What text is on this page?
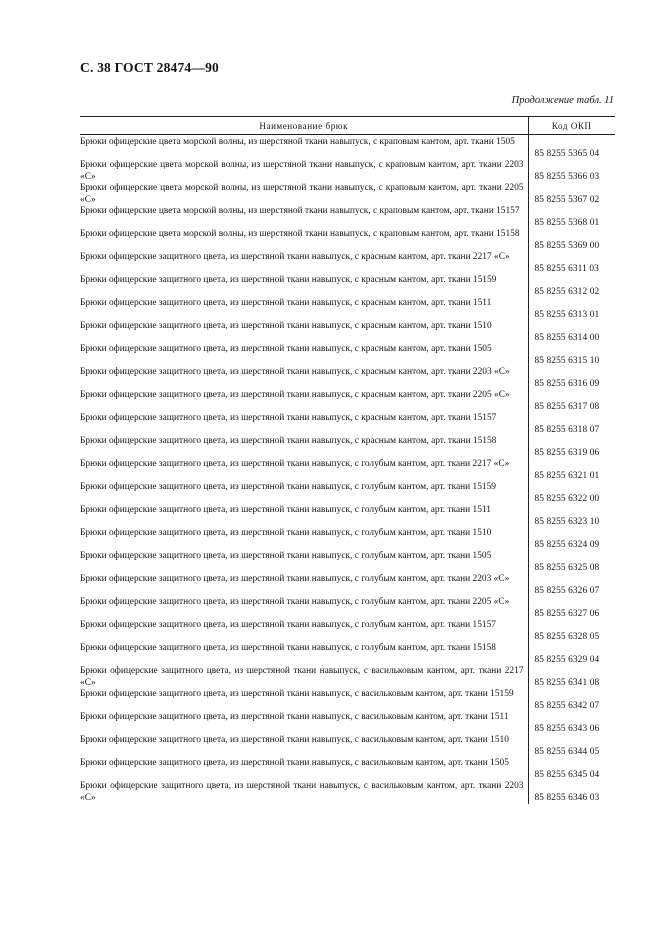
С. 38 ГОСТ 28474—90
Продолжение табл. 11
Наименование брюк	Код ОКП
Брюки офицерские цвета морской волны, из шерстяной ткани навыпуск, с краповым кантом, арт. ткани 1505	85 8255 5365 04
Брюки офицерские цвета морской волны, из шерстяной ткани навыпуск, с краповым кантом, арт. ткани 2203 «С»	85 8255 5366 03
Брюки офицерские цвета морской волны, из шерстяной ткани навыпуск, с краповым кантом, арт. ткани 2205 «С»	85 8255 5367 02
Брюки офицерские цвета морской волны, из шерстяной ткани навыпуск, с краповым кантом, арт. ткани 15157	85 8255 5368 01
Брюки офицерские цвета морской волны, из шерстяной ткани навыпуск, с краповым кантом, арт. ткани 15158	85 8255 5369 00
Брюки офицерские защитного цвета, из шерстяной ткани навыпуск, с красным кантом, арт. ткани 2217 «С»	85 8255 6311 03
Брюки офицерские защитного цвета, из шерстяной ткани навыпуск, с красным кантом, арт. ткани 15159	85 8255 6312 02
Брюки офицерские защитного цвета, из шерстяной ткани навыпуск, с красным кантом, арт. ткани 1511	85 8255 6313 01
Брюки офицерские защитного цвета, из шерстяной ткани навыпуск, с красным кантом, арт. ткани 1510	85 8255 6314 00
Брюки офицерские защитного цвета, из шерстяной ткани навыпуск, с красным кантом, арт. ткани 1505	85 8255 6315 10
Брюки офицерские защитного цвета, из шерстяной ткани навыпуск, с красным кантом, арт. ткани 2203 «С»	85 8255 6316 09
Брюки офицерские защитного цвета, из шерстяной ткани навыпуск, с красным кантом, арт. ткани 2205 «С»	85 8255 6317 08
Брюки офицерские защитного цвета, из шерстяной ткани навыпуск, с красным кантом, арт. ткани 15157	85 8255 6318 07
Брюки офицерские защитного цвета, из шерстяной ткани навыпуск, с красным кантом, арт. ткани 15158	85 8255 6319 06
Брюки офицерские защитного цвета, из шерстяной ткани навыпуск, с голубым кантом, арт. ткани 2217 «С»	85 8255 6321 01
Брюки офицерские защитного цвета, из шерстяной ткани навыпуск, с голубым кантом, арт. ткани 15159	85 8255 6322 00
Брюки офицерские защитного цвета, из шерстяной ткани навыпуск, с голубым кантом, арт. ткани 1511	85 8255 6323 10
Брюки офицерские защитного цвета, из шерстяной ткани навыпуск, с голубым кантом, арт. ткани 1510	85 8255 6324 09
Брюки офицерские защитного цвета, из шерстяной ткани навыпуск, с голубым кантом, арт. ткани 1505	85 8255 6325 08
Брюки офицерские защитного цвета, из шерстяной ткани навыпуск, с голубым кантом, арт. ткани 2203 «С»	85 8255 6326 07
Брюки офицерские защитного цвета, из шерстяной ткани навыпуск, с голубым кантом, арт. ткани 2205 «С»	85 8255 6327 06
Брюки офицерские защитного цвета, из шерстяной ткани навыпуск, с голубым кантом, арт. ткани 15157	85 8255 6328 05
Брюки офицерские защитного цвета, из шерстяной ткани навыпуск, с голубым кантом, арт. ткани 15158	85 8255 6329 04
Брюки офицерские защитного цвета, из шерстяной ткани навыпуск, с васильковым кантом, арт. ткани 2217 «С»	85 8255 6341 08
Брюки офицерские защитного цвета, из шерстяной ткани навыпуск, с васильковым кантом, арт. ткани 15159	85 8255 6342 07
Брюки офицерские защитного цвета, из шерстяной ткани навыпуск, с васильковым кантом, арт. ткани 1511	85 8255 6343 06
Брюки офицерские защитного цвета, из шерстяной ткани навыпуск, с васильковым кантом, арт. ткани 1510	85 8255 6344 05
Брюки офицерские защитного цвета, из шерстяной ткани навыпуск, с васильковым кантом, арт. ткани 1505	85 8255 6345 04
Брюки офицерские защитного цвета, из шерстяной ткани навыпуск, с васильковым кантом, арт. ткани 2203 «С»	85 8255 6346 03
